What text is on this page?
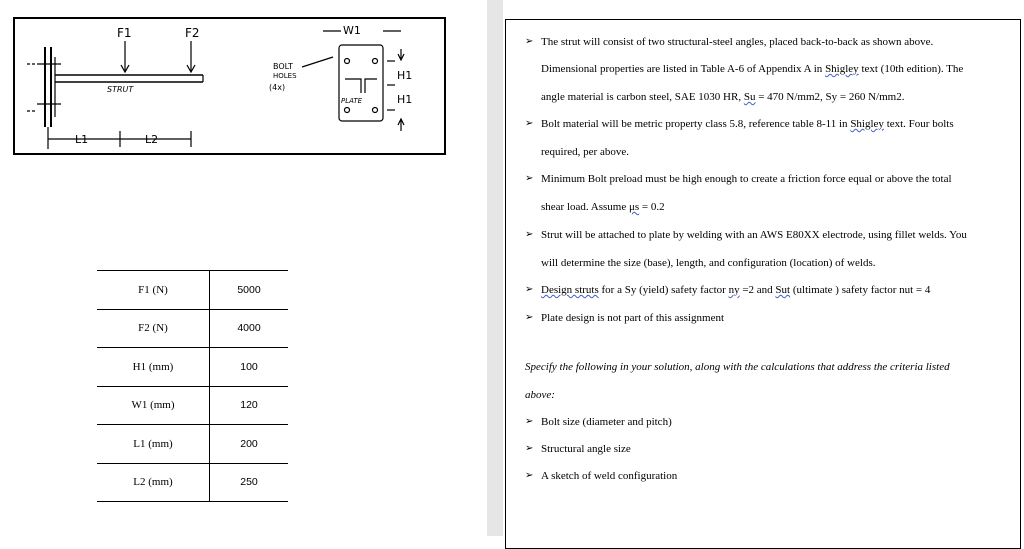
F1	F2
STRUT
L1	L2
BOLT
HOLES
(4x)
W1
H1
H1
PLATE
F1 (N)	5000
F2 (N)	4000
H1 (mm)	100
W1 (mm)	120
L1 (mm)	200
L2 (mm)	250
➢ The strut will consist of two structural-steel angles, placed back-to-back as shown above.
Dimensional properties are listed in Table A-6 of Appendix A in Shigley text (10th edition). The
angle material is carbon steel, SAE 1030 HR, Su = 470 N/mm2, Sy = 260 N/mm2.
➢ Bolt material will be metric property class 5.8, reference table 8-11 in Shigley text. Four bolts
required, per above.
➢ Minimum Bolt preload must be high enough to create a friction force equal or above the total
shear load. Assume μs = 0.2
➢ Strut will be attached to plate by welding with an AWS E80XX electrode, using fillet welds. You
will determine the size (base), length, and configuration (location) of welds.
➢ Design struts for a Sy (yield) safety factor ny =2 and Sut (ultimate ) safety factor nut = 4
➢ Plate design is not part of this assignment
Specify the following in your solution, along with the calculations that address the criteria listed
above:
➢ Bolt size (diameter and pitch)
➢ Structural angle size
➢ A sketch of weld configuration
